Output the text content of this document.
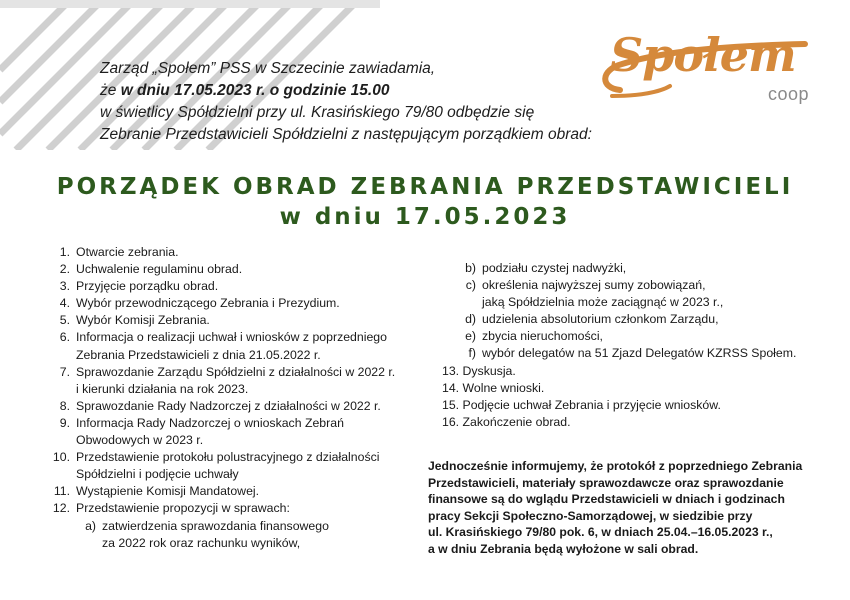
Społem
coop
Zarząd „Społem” PSS w Szczecinie zawiadamia,
że w dniu 17.05.2023 r. o godzinie 15.00
w świetlicy Spółdzielni przy ul. Krasińskiego 79/80 odbędzie się
Zebranie Przedstawicieli Spółdzielni z następującym porządkiem obrad:
PORZĄDEK OBRAD ZEBRANIA PRZEDSTAWICIELI
w dniu 17.05.2023
1. Otwarcie zebrania.
2. Uchwalenie regulaminu obrad.
3. Przyjęcie porządku obrad.
4. Wybór przewodniczącego Zebrania i Prezydium.
5. Wybór Komisji Zebrania.
6. Informacja o realizacji uchwał i wniosków z poprzedniego
Zebrania Przedstawicieli z dnia 21.05.2022 r.
7. Sprawozdanie Zarządu Spółdzielni z działalności w 2022 r.
i kierunki działania na rok 2023.
8. Sprawozdanie Rady Nadzorczej z działalności w 2022 r.
9. Informacja Rady Nadzorczej o wnioskach Zebrań
Obwodowych w 2023 r.
10. Przedstawienie protokołu polustracyjnego z działalności
Spółdzielni i podjęcie uchwały
11. Wystąpienie Komisji Mandatowej.
12. Przedstawienie propozycji w sprawach:
a) zatwierdzenia sprawozdania finansowego
za 2022 rok oraz rachunku wyników,
b) podziału czystej nadwyżki,
c) określenia najwyższej sumy zobowiązań,
jaką Spółdzielnia może zaciągnąć w 2023 r.,
d) udzielenia absolutorium członkom Zarządu,
e) zbycia nieruchomości,
f) wybór delegatów na 51 Zjazd Delegatów KZRSS Społem.
13. Dyskusja.
14. Wolne wnioski.
15. Podjęcie uchwał Zebrania i przyjęcie wniosków.
16. Zakończenie obrad.
Jednocześnie informujemy, że protokół z poprzedniego Zebrania
Przedstawicieli, materiały sprawozdawcze oraz sprawozdanie
finansowe są do wglądu Przedstawicieli w dniach i godzinach
pracy Sekcji Społeczno-Samorządowej, w siedzibie przy
ul. Krasińskiego 79/80 pok. 6, w dniach 25.04.–16.05.2023 r.,
a w dniu Zebrania będą wyłożone w sali obrad.
